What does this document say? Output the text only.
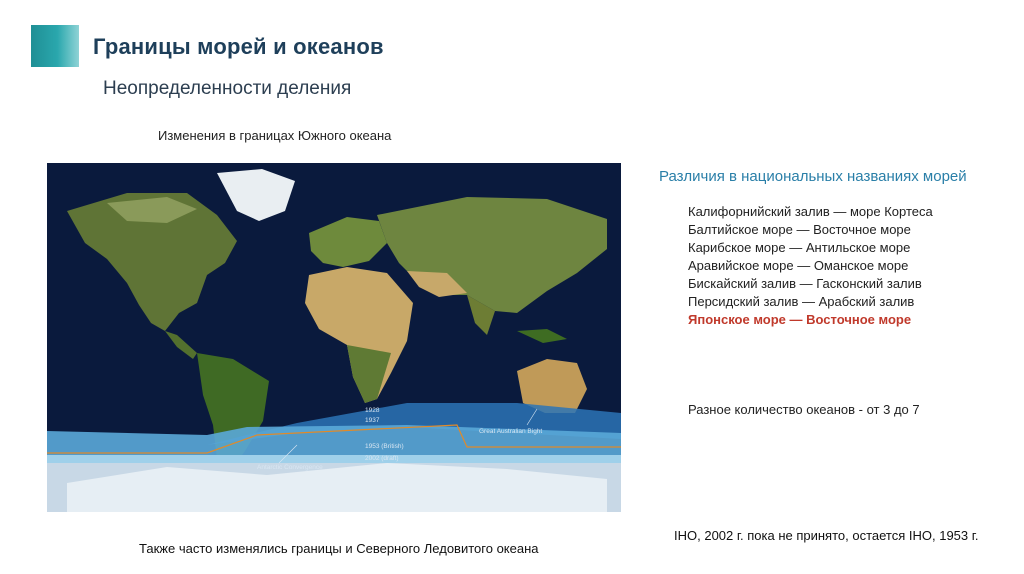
Границы морей и океанов
Неопределенности деления
Изменения в границах Южного океана
1928
1937
1953 (British)
2002 (draft)
Great Australian Bight
Antarctic Convergence
Также часто изменялись границы и Северного Ледовитого океана
Различия в национальных названиях морей
Калифорнийский залив — море Кортеса
Балтийское море — Восточное море
Карибское море — Антильское море
Аравийское море — Оманское море
Бискайский залив — Гасконский залив
Персидский залив — Арабский залив
Японское море — Восточное море
Разное количество океанов - от 3 до 7
IHO, 2002 г. пока не принято, остается IHO, 1953 г.
